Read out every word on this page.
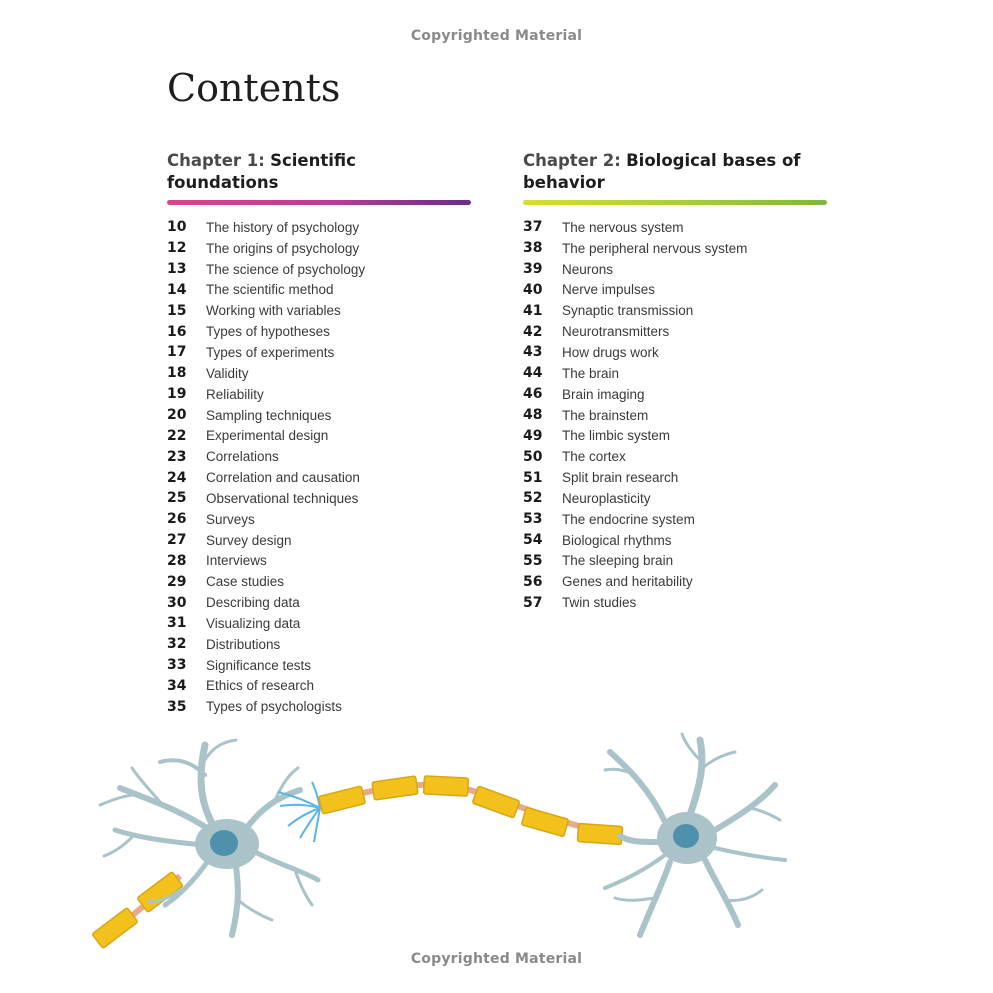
Copyrighted Material
Contents
Chapter 1: Scientific foundations
10	The history of psychology
12	The origins of psychology
13	The science of psychology
14	The scientific method
15	Working with variables
16	Types of hypotheses
17	Types of experiments
18	Validity
19	Reliability
20	Sampling techniques
22	Experimental design
23	Correlations
24	Correlation and causation
25	Observational techniques
26	Surveys
27	Survey design
28	Interviews
29	Case studies
30	Describing data
31	Visualizing data
32	Distributions
33	Significance tests
34	Ethics of research
35	Types of psychologists
Chapter 2: Biological bases of behavior
37	The nervous system
38	The peripheral nervous system
39	Neurons
40	Nerve impulses
41	Synaptic transmission
42	Neurotransmitters
43	How drugs work
44	The brain
46	Brain imaging
48	The brainstem
49	The limbic system
50	The cortex
51	Split brain research
52	Neuroplasticity
53	The endocrine system
54	Biological rhythms
55	The sleeping brain
56	Genes and heritability
57	Twin studies
Copyrighted Material
